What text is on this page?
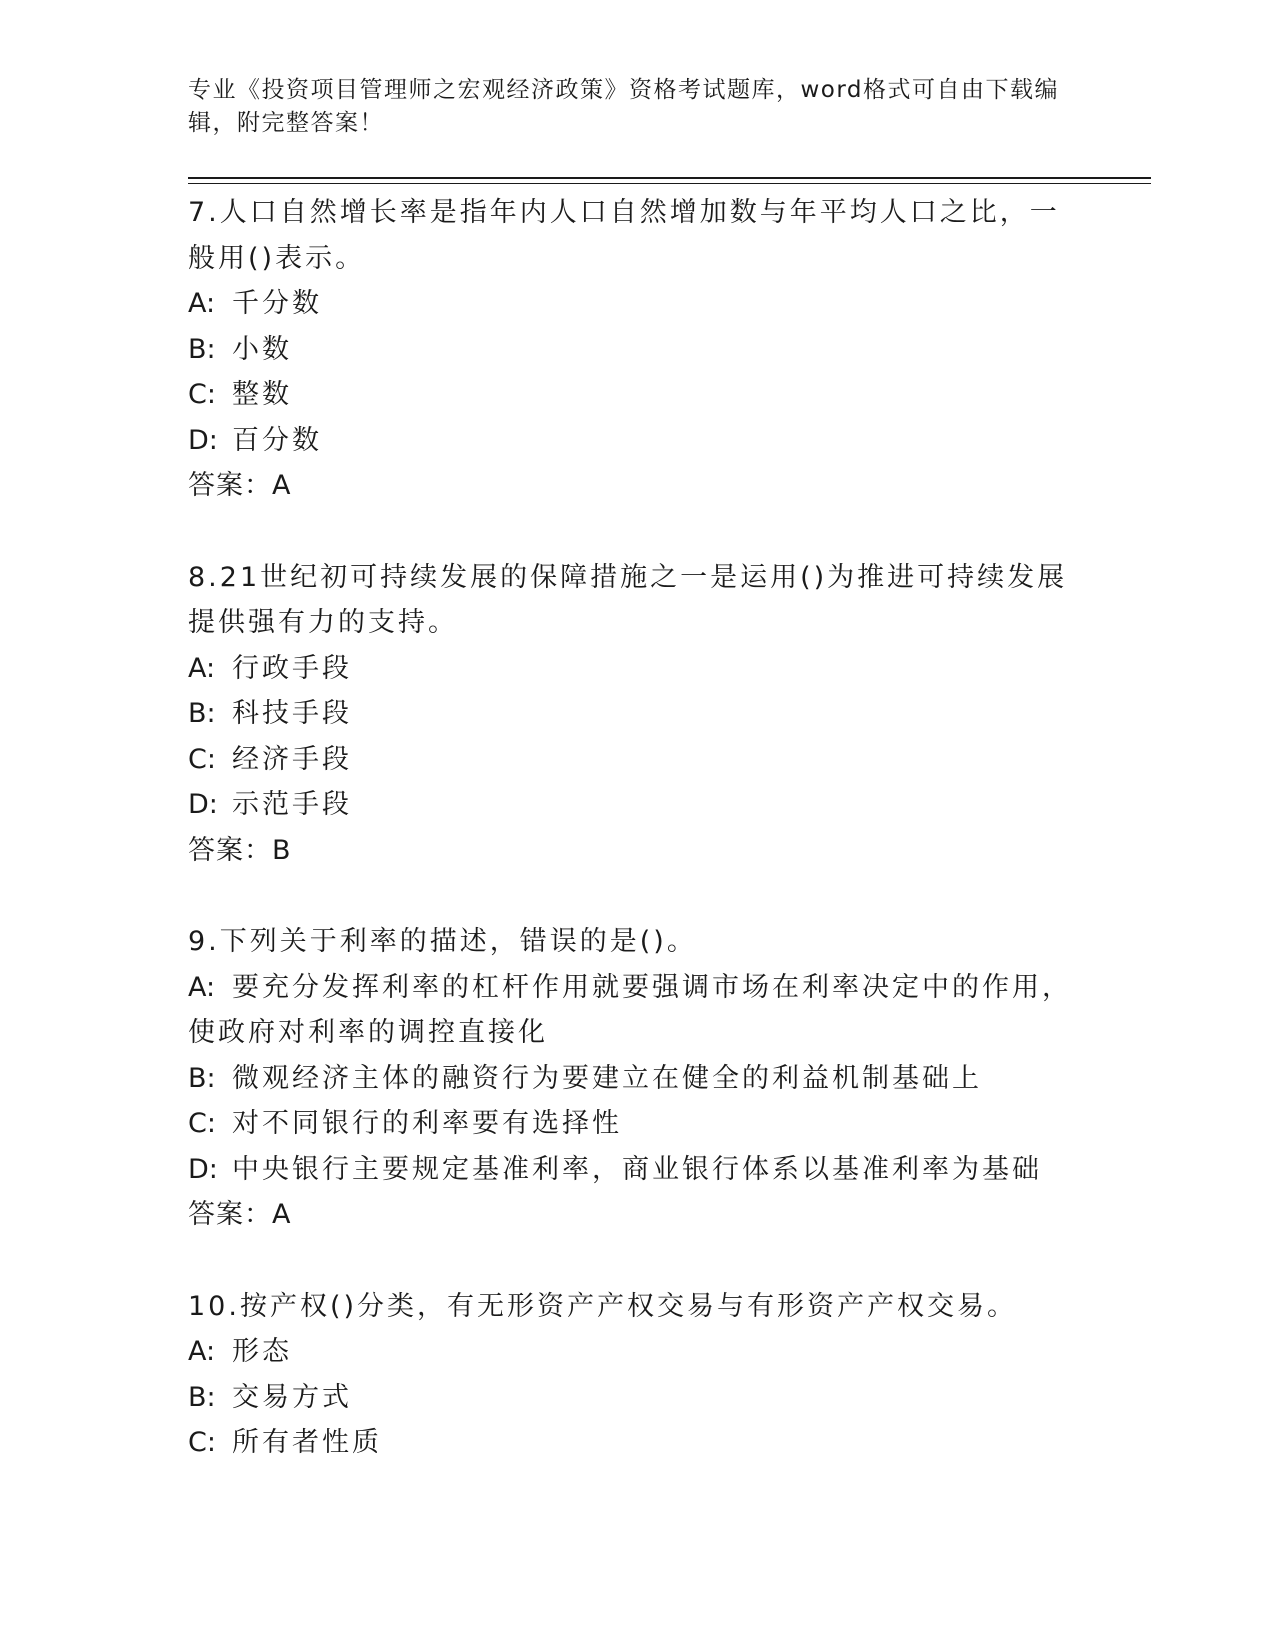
专业《投资项目管理师之宏观经济政策》资格考试题库，word格式可自由下载编辑，附完整答案！
7.人口自然增长率是指年内人口自然增加数与年平均人口之比，一般用()表示。
A: 千分数
B: 小数
C: 整数
D: 百分数
答案：A
8.21世纪初可持续发展的保障措施之一是运用()为推进可持续发展提供强有力的支持。
A: 行政手段
B: 科技手段
C: 经济手段
D: 示范手段
答案：B
9.下列关于利率的描述，错误的是()。
A: 要充分发挥利率的杠杆作用就要强调市场在利率决定中的作用，使政府对利率的调控直接化
B: 微观经济主体的融资行为要建立在健全的利益机制基础上
C: 对不同银行的利率要有选择性
D: 中央银行主要规定基准利率，商业银行体系以基准利率为基础
答案：A
10.按产权()分类，有无形资产产权交易与有形资产产权交易。
A: 形态
B: 交易方式
C: 所有者性质
